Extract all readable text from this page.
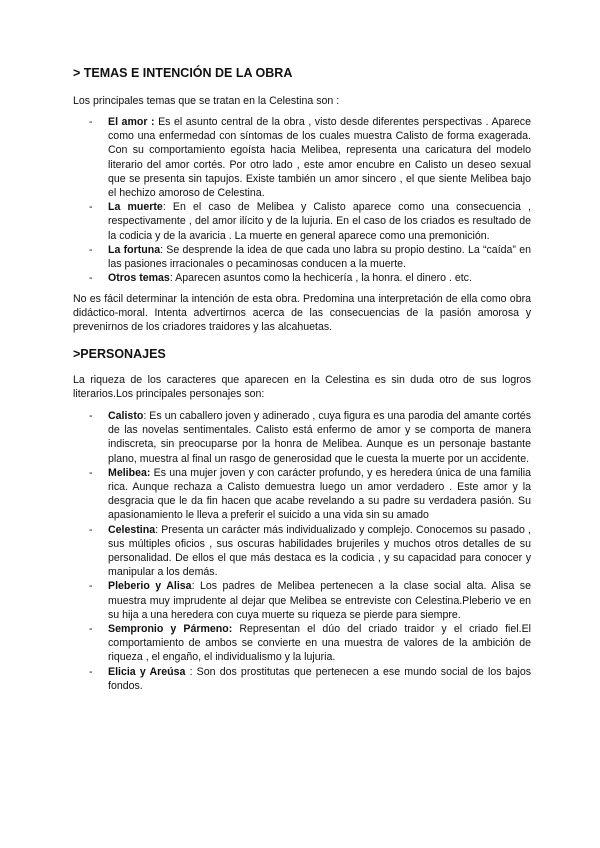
> TEMAS E INTENCIÓN DE LA OBRA

Los principales temas que se tratan en la Celestina son :

- El amor : Es el asunto central de la obra , visto desde diferentes perspectivas . Aparece como una enfermedad con síntomas de los cuales muestra Calisto de forma exagerada. Con su comportamiento egoísta hacia Melibea, representa una caricatura del modelo literario del amor cortés. Por otro lado , este amor encubre en Calisto un deseo sexual que se presenta sin tapujos. Existe también un amor sincero , el que siente Melibea bajo el hechizo amoroso de Celestina.
- La muerte: En el caso de Melibea y Calisto aparece como una consecuencia , respectivamente , del amor ilícito y de la lujuria. En el caso de los criados es resultado de la codicia y de la avaricia . La muerte en general aparece como una premonición.
- La fortuna: Se desprende la idea de que cada uno labra su propio destino. La “caída” en las pasiones irracionales o pecaminosas conducen a la muerte.
- Otros temas: Aparecen asuntos como la hechicería , la honra. el dinero . etc.

No es fácil determinar la intención de esta obra. Predomina una interpretación de ella como obra didáctico-moral. Intenta advertirnos acerca de las consecuencias de la pasión amorosa y prevenirnos de los criadores traidores y las alcahuetas.

>PERSONAJES

La riqueza de los caracteres que aparecen en la Celestina es sin duda otro de sus logros literarios.Los principales personajes son:

- Calisto: Es un caballero joven y adinerado , cuya figura es una parodia del amante cortés de las novelas sentimentales. Calisto está enfermo de amor y se comporta de manera indiscreta, sin preocuparse por la honra de Melibea. Aunque es un personaje bastante plano, muestra al final un rasgo de generosidad que le cuesta la muerte por un accidente.
- Melibea: Es una mujer joven y con carácter profundo, y es heredera única de una familia rica. Aunque rechaza a Calisto demuestra luego un amor verdadero . Este amor y la desgracia que le da fin hacen que acabe revelando a su padre su verdadera pasión. Su apasionamiento le lleva a preferir el suicido a una vida sin su amado
- Celestina: Presenta un carácter más individualizado y complejo. Conocemos su pasado , sus múltiples oficios , sus oscuras habilidades brujeriles y muchos otros detalles de su personalidad. De ellos el que más destaca es la codicia , y su capacidad para conocer y manipular a los demás.
- Pleberio y Alisa: Los padres de Melibea pertenecen a la clase social alta. Alisa se muestra muy imprudente al dejar que Melibea se entreviste con Celestina.Pleberio ve en su hija a una heredera con cuya muerte su riqueza se pierde para siempre.
- Sempronio y Pármeno: Representan el dúo del criado traidor y el criado fiel.El comportamiento de ambos se convierte en una muestra de valores de la ambición de riqueza , el engaño, el individualismo y la lujuria.
- Elicia y Areúsa : Son dos prostitutas que pertenecen a ese mundo social de los bajos fondos.
